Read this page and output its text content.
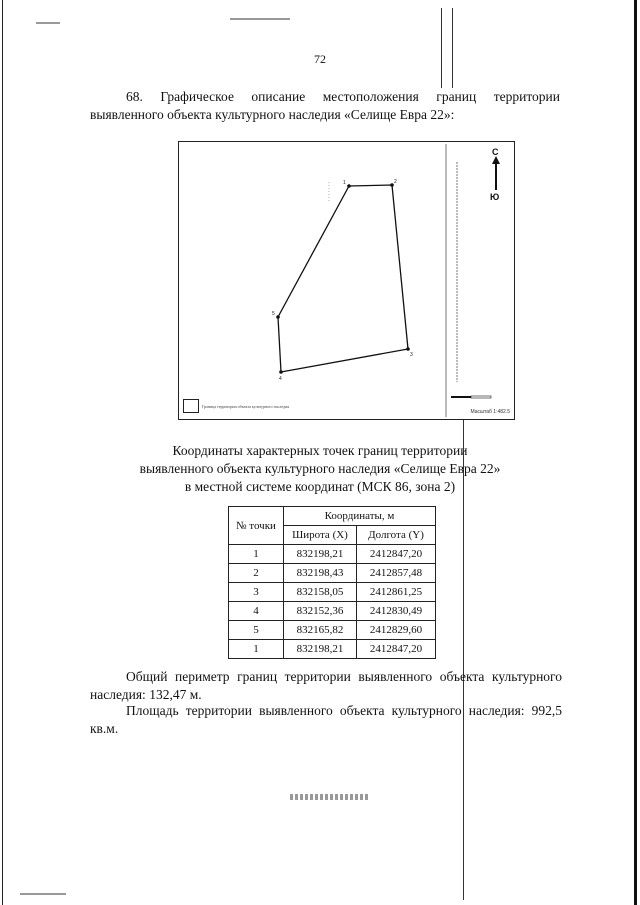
72
68. Графическое описание местоположения границ территории выявленного объекта культурного наследия «Селище Евра 22»:
1	2
3
4
5
С
Ю
Граница территории объекта культурного наследия
Масштаб 1:482.5
Координаты характерных точек границ территории
выявленного объекта культурного наследия «Селище Евра 22»
в местной системе координат (МСК 86, зона 2)
№ точки	Координаты, м	
	Широта (X)	Долгота (Y)
1	832198,21	2412847,20
2	832198,43	2412857,48
3	832158,05	2412861,25
4	832152,36	2412830,49
5	832165,82	2412829,60
1	832198,21	2412847,20
Общий периметр границ территории выявленного объекта культурного наследия: 132,47 м.
Площадь территории выявленного объекта культурного наследия: 992,5 кв.м.
